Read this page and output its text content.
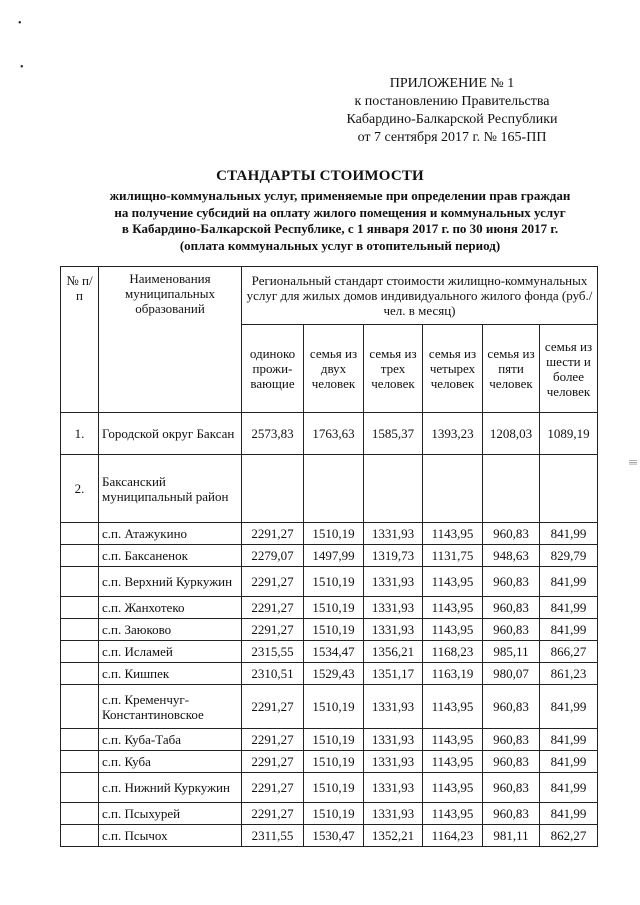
•
•
ПРИЛОЖЕНИЕ № 1
к постановлению Правительства
Кабардино-Балкарской Республики
от 7 сентября 2017 г. № 165-ПП
СТАНДАРТЫ СТОИМОСТИ
жилищно-коммунальных услуг, применяемые при определении прав граждан
на получение субсидий на оплату жилого помещения и коммунальных услуг
в Кабардино-Балкарской Республике, с 1 января 2017 г. по 30 июня 2017 г.
(оплата коммунальных услуг в отопительный период)
№ п/п	Наименования муниципальных образований	Региональный стандарт стоимости жилищно-коммунальных услуг для жилых домов индивидуального жилого фонда (руб./чел. в месяц)					
		одиноко прожи-вающие	семья из двух человек	семья из трех человек	семья из четырех человек	семья из пяти человек	семья из шести и более человек
1.	Городской округ Баксан	2573,83	1763,63	1585,37	1393,23	1208,03	1089,19
2.	Баксанский муниципальный район						
	с.п. Атажукино	2291,27	1510,19	1331,93	1143,95	960,83	841,99
	с.п. Баксаненок	2279,07	1497,99	1319,73	1131,75	948,63	829,79
	с.п. Верхний Куркужин	2291,27	1510,19	1331,93	1143,95	960,83	841,99
	с.п. Жанхотеко	2291,27	1510,19	1331,93	1143,95	960,83	841,99
	с.п. Заюково	2291,27	1510,19	1331,93	1143,95	960,83	841,99
	с.п. Исламей	2315,55	1534,47	1356,21	1168,23	985,11	866,27
	с.п. Кишпек	2310,51	1529,43	1351,17	1163,19	980,07	861,23
	с.п. Кременчуг-Константиновское	2291,27	1510,19	1331,93	1143,95	960,83	841,99
	с.п. Куба-Таба	2291,27	1510,19	1331,93	1143,95	960,83	841,99
	с.п. Куба	2291,27	1510,19	1331,93	1143,95	960,83	841,99
	с.п. Нижний Куркужин	2291,27	1510,19	1331,93	1143,95	960,83	841,99
	с.п. Псыхурей	2291,27	1510,19	1331,93	1143,95	960,83	841,99
	с.п. Псычох	2311,55	1530,47	1352,21	1164,23	981,11	862,27
|||
